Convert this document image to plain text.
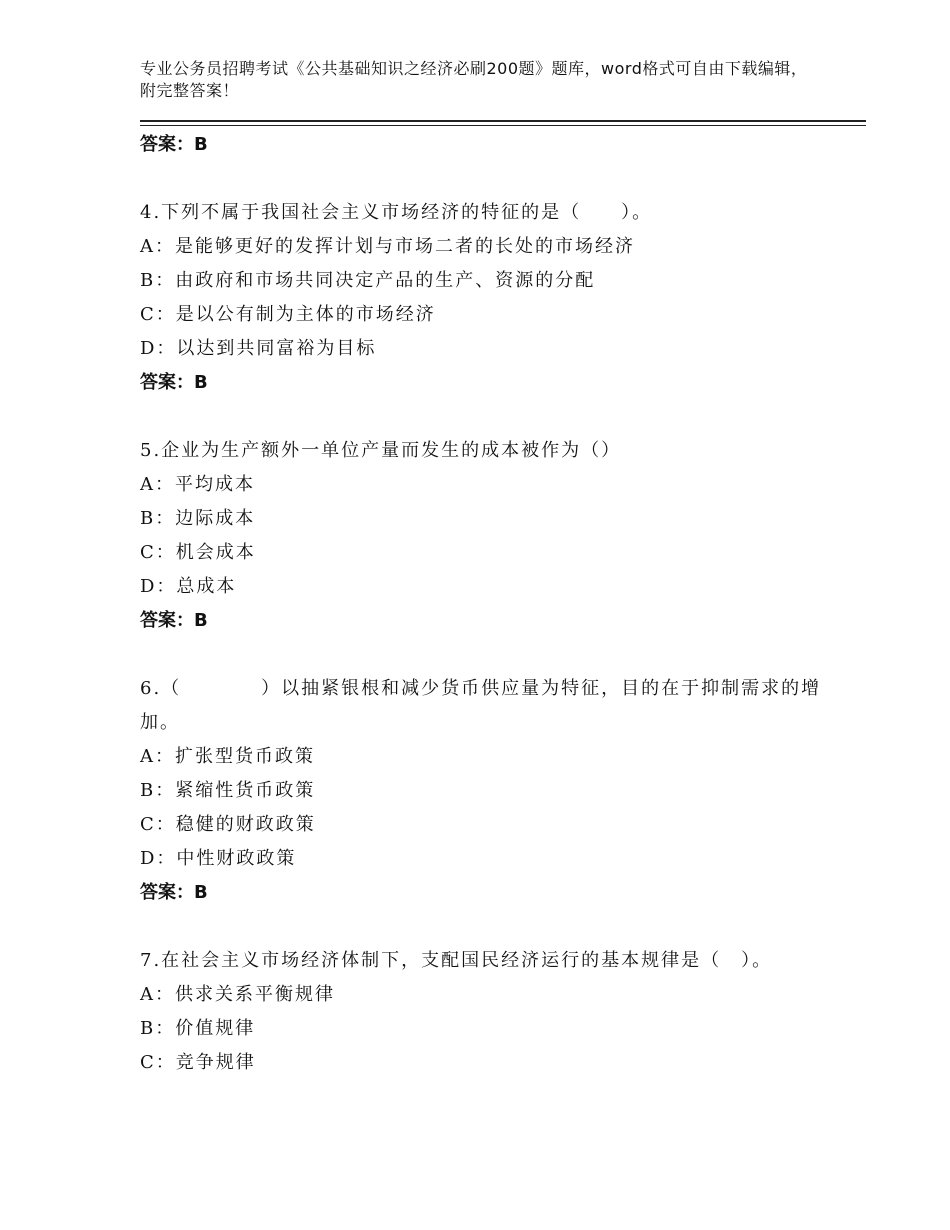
专业公务员招聘考试《公共基础知识之经济必刷200题》题库，word格式可自由下载编辑，附完整答案！
答案：B
4.下列不属于我国社会主义市场经济的特征的是（　　）。
A：是能够更好的发挥计划与市场二者的长处的市场经济
B：由政府和市场共同决定产品的生产、资源的分配
C：是以公有制为主体的市场经济
D：以达到共同富裕为目标
答案：B
5.企业为生产额外一单位产量而发生的成本被作为（）
A：平均成本
B：边际成本
C：机会成本
D：总成本
答案：B
6.（　　　　）以抽紧银根和减少货币供应量为特征，目的在于抑制需求的增加。
A：扩张型货币政策
B：紧缩性货币政策
C：稳健的财政政策
D：中性财政政策
答案：B
7.在社会主义市场经济体制下，支配国民经济运行的基本规律是（　）。
A：供求关系平衡规律
B：价值规律
C：竞争规律
